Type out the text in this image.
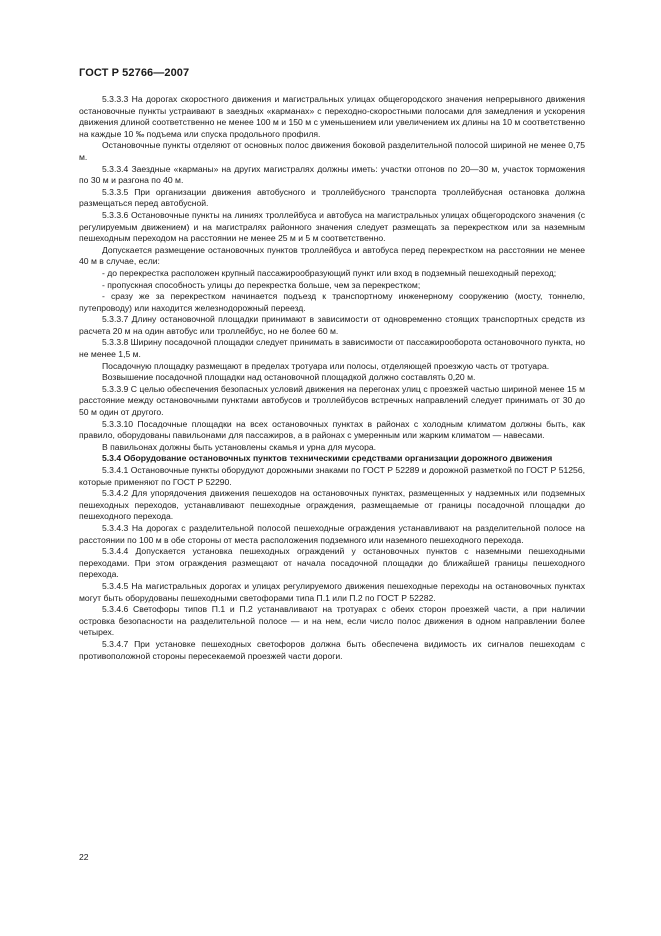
ГОСТ Р 52766—2007

5.3.3.3 На дорогах скоростного движения и магистральных улицах общегородского значения непрерывного движения остановочные пункты устраивают в заездных «карманах» с переходно-скоростными полосами для замедления и ускорения движения длиной соответственно не менее 100 м и 150 м с уменьшением или увеличением их длины на 10 м соответственно на каждые 10 ‰ подъема или спуска продольного профиля.

Остановочные пункты отделяют от основных полос движения боковой разделительной полосой шириной не менее 0,75 м.

5.3.3.4 Заездные «карманы» на других магистралях должны иметь: участки отгонов по 20—30 м, участок торможения по 30 м и разгона по 40 м.

5.3.3.5 При организации движения автобусного и троллейбусного транспорта троллейбусная остановка должна размещаться перед автобусной.

5.3.3.6 Остановочные пункты на линиях троллейбуса и автобуса на магистральных улицах общегородского значения (с регулируемым движением) и на магистралях районного значения следует размещать за перекрестком или за наземным пешеходным переходом на расстоянии не менее 25 м и 5 м соответственно.

Допускается размещение остановочных пунктов троллейбуса и автобуса перед перекрестком на расстоянии не менее 40 м в случае, если:

- до перекрестка расположен крупный пассажирообразующий пункт или вход в подземный пешеходный переход;

- пропускная способность улицы до перекрестка больше, чем за перекрестком;

- сразу же за перекрестком начинается подъезд к транспортному инженерному сооружению (мосту, тоннелю, путепроводу) или находится железнодорожный переезд.

5.3.3.7 Длину остановочной площадки принимают в зависимости от одновременно стоящих транспортных средств из расчета 20 м на один автобус или троллейбус, но не более 60 м.

5.3.3.8 Ширину посадочной площадки следует принимать в зависимости от пассажирооборота остановочного пункта, но не менее 1,5 м.

Посадочную площадку размещают в пределах тротуара или полосы, отделяющей проезжую часть от тротуара.

Возвышение посадочной площадки над остановочной площадкой должно составлять 0,20 м.

5.3.3.9 С целью обеспечения безопасных условий движения на перегонах улиц с проезжей частью шириной менее 15 м расстояние между остановочными пунктами автобусов и троллейбусов встречных направлений следует принимать от 30 до 50 м один от другого.

5.3.3.10 Посадочные площадки на всех остановочных пунктах в районах с холодным климатом должны быть, как правило, оборудованы павильонами для пассажиров, а в районах с умеренным или жарким климатом — навесами.

В павильонах должны быть установлены скамья и урна для мусора.

5.3.4 Оборудование остановочных пунктов техническими средствами организации дорожного движения

5.3.4.1 Остановочные пункты оборудуют дорожными знаками по ГОСТ Р 52289 и дорожной разметкой по ГОСТ Р 51256, которые применяют по ГОСТ Р 52290.

5.3.4.2 Для упорядочения движения пешеходов на остановочных пунктах, размещенных у надземных или подземных пешеходных переходов, устанавливают пешеходные ограждения, размещаемые от границы посадочной площадки до пешеходного перехода.

5.3.4.3 На дорогах с разделительной полосой пешеходные ограждения устанавливают на разделительной полосе на расстоянии по 100 м в обе стороны от места расположения подземного или наземного пешеходного перехода.

5.3.4.4 Допускается установка пешеходных ограждений у остановочных пунктов с наземными пешеходными переходами. При этом ограждения размещают от начала посадочной площадки до ближайшей границы пешеходного перехода.

5.3.4.5 На магистральных дорогах и улицах регулируемого движения пешеходные переходы на остановочных пунктах могут быть оборудованы пешеходными светофорами типа П.1 или П.2 по ГОСТ Р 52282.

5.3.4.6 Светофоры типов П.1 и П.2 устанавливают на тротуарах с обеих сторон проезжей части, а при наличии островка безопасности на разделительной полосе — и на нем, если число полос движения в одном направлении более четырех.

5.3.4.7 При установке пешеходных светофоров должна быть обеспечена видимость их сигналов пешеходам с противоположной стороны пересекаемой проезжей части дороги.

22
